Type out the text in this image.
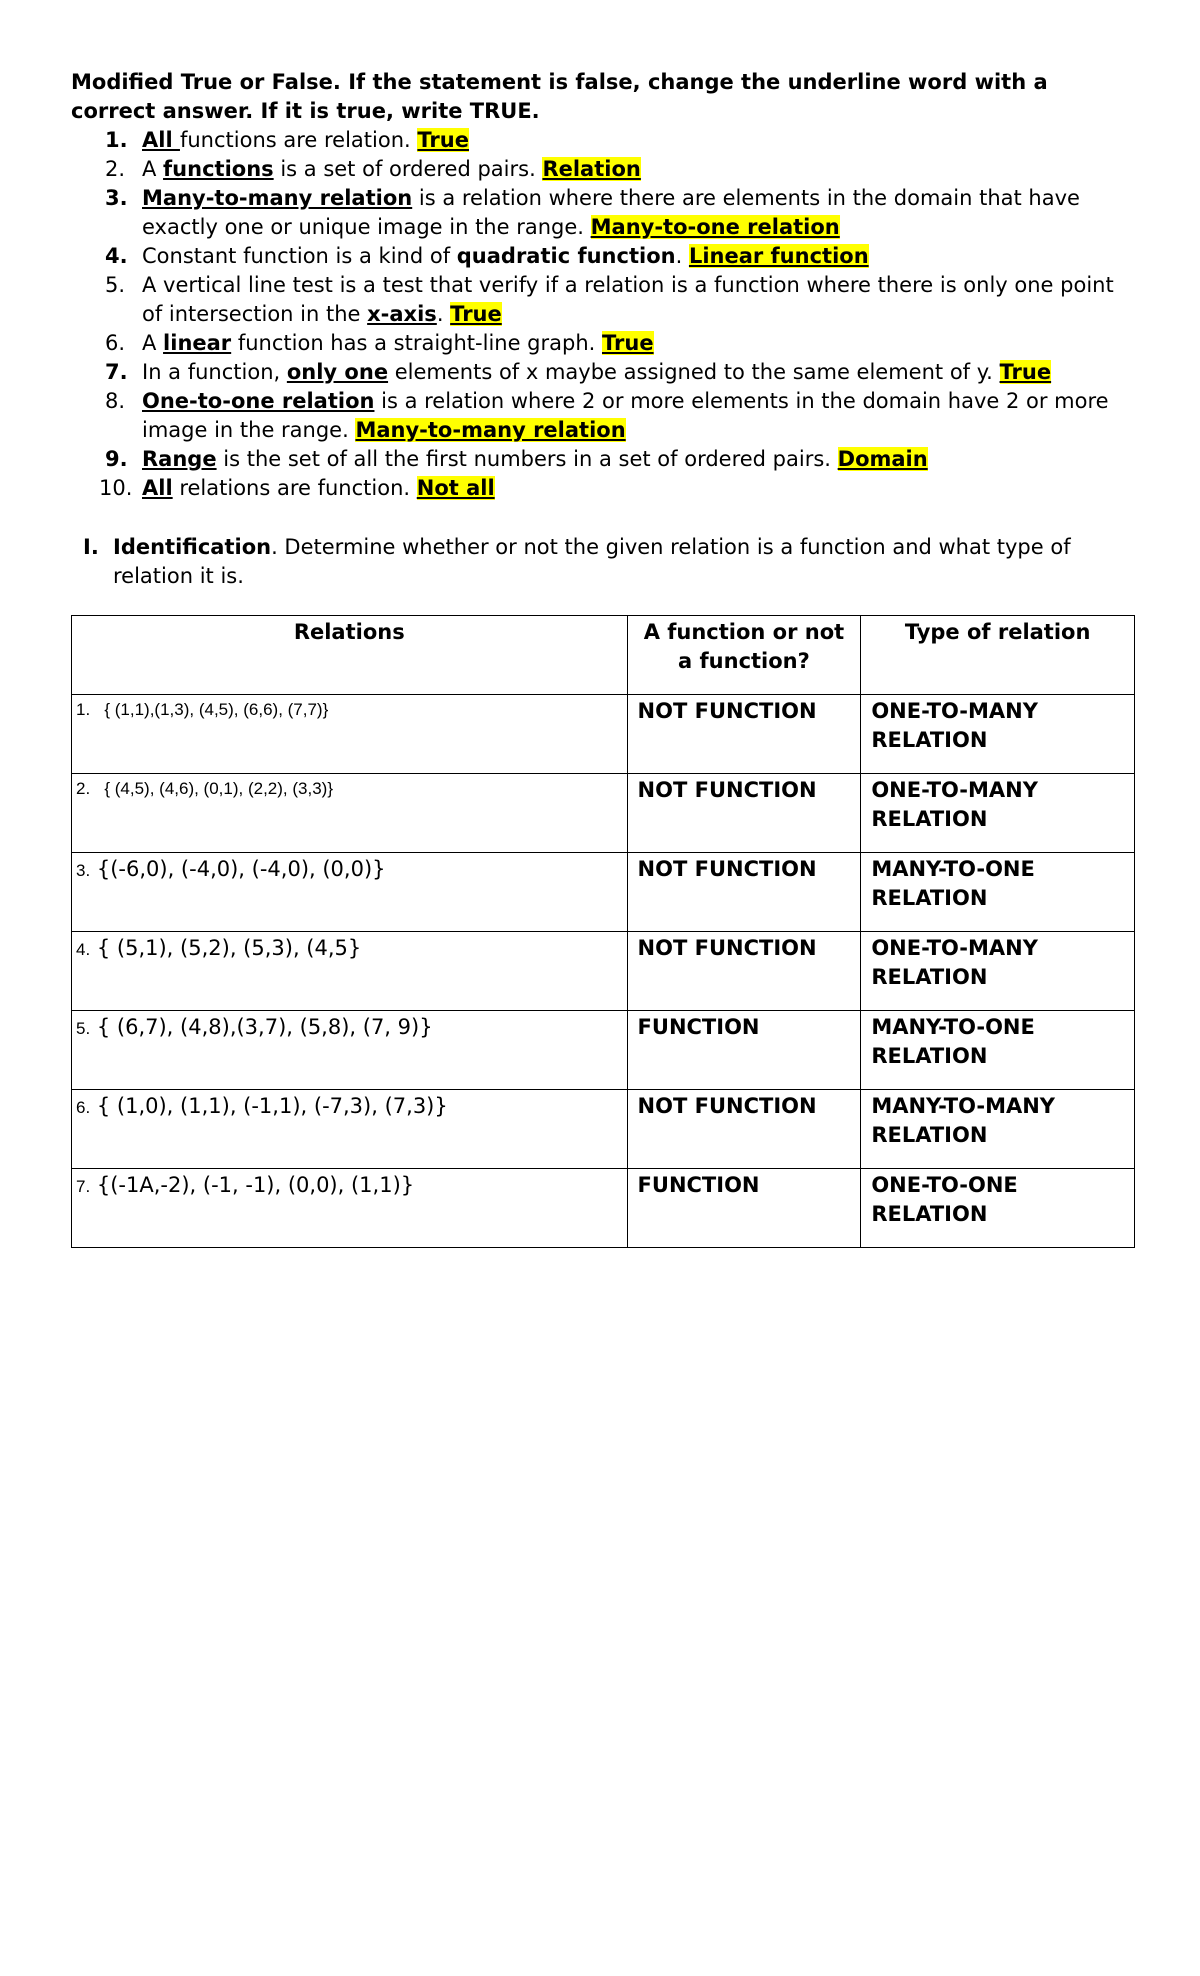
Modified True or False. If the statement is false, change the underline word with a correct answer. If it is true, write TRUE.

1. All functions are relation. True
2. A functions is a set of ordered pairs. Relation
3. Many-to-many relation is a relation where there are elements in the domain that have exactly one or unique image in the range. Many-to-one relation
4. Constant function is a kind of quadratic function. Linear function
5. A vertical line test is a test that verify if a relation is a function where there is only one point of intersection in the x-axis. True
6. A linear function has a straight-line graph. True
7. In a function, only one elements of x maybe assigned to the same element of y. True
8. One-to-one relation is a relation where 2 or more elements in the domain have 2 or more image in the range. Many-to-many relation
9. Range is the set of all the first numbers in a set of ordered pairs. Domain
10. All relations are function. Not all
I. Identification. Determine whether or not the given relation is a function and what type of relation it is.
Relations	A function or not a function?	Type of relation
1.   { (1,1),(1,3), (4,5), (6,6), (7,7)}	NOT FUNCTION	ONE-TO-MANY RELATION
2.   { (4,5), (4,6), (0,1), (2,2), (3,3)}	NOT FUNCTION	ONE-TO-MANY RELATION
3. {(-6,0), (-4,0), (-4,0), (0,0)}	NOT FUNCTION	MANY-TO-ONE RELATION
4. { (5,1), (5,2), (5,3), (4,5}	NOT FUNCTION	ONE-TO-MANY RELATION
5. { (6,7), (4,8),(3,7), (5,8), (7, 9)}	FUNCTION	MANY-TO-ONE RELATION
6. { (1,0), (1,1), (-1,1), (-7,3), (7,3)}	NOT FUNCTION	MANY-TO-MANY RELATION
7. {(-1A,-2), (-1, -1), (0,0), (1,1)}	FUNCTION	ONE-TO-ONE RELATION
